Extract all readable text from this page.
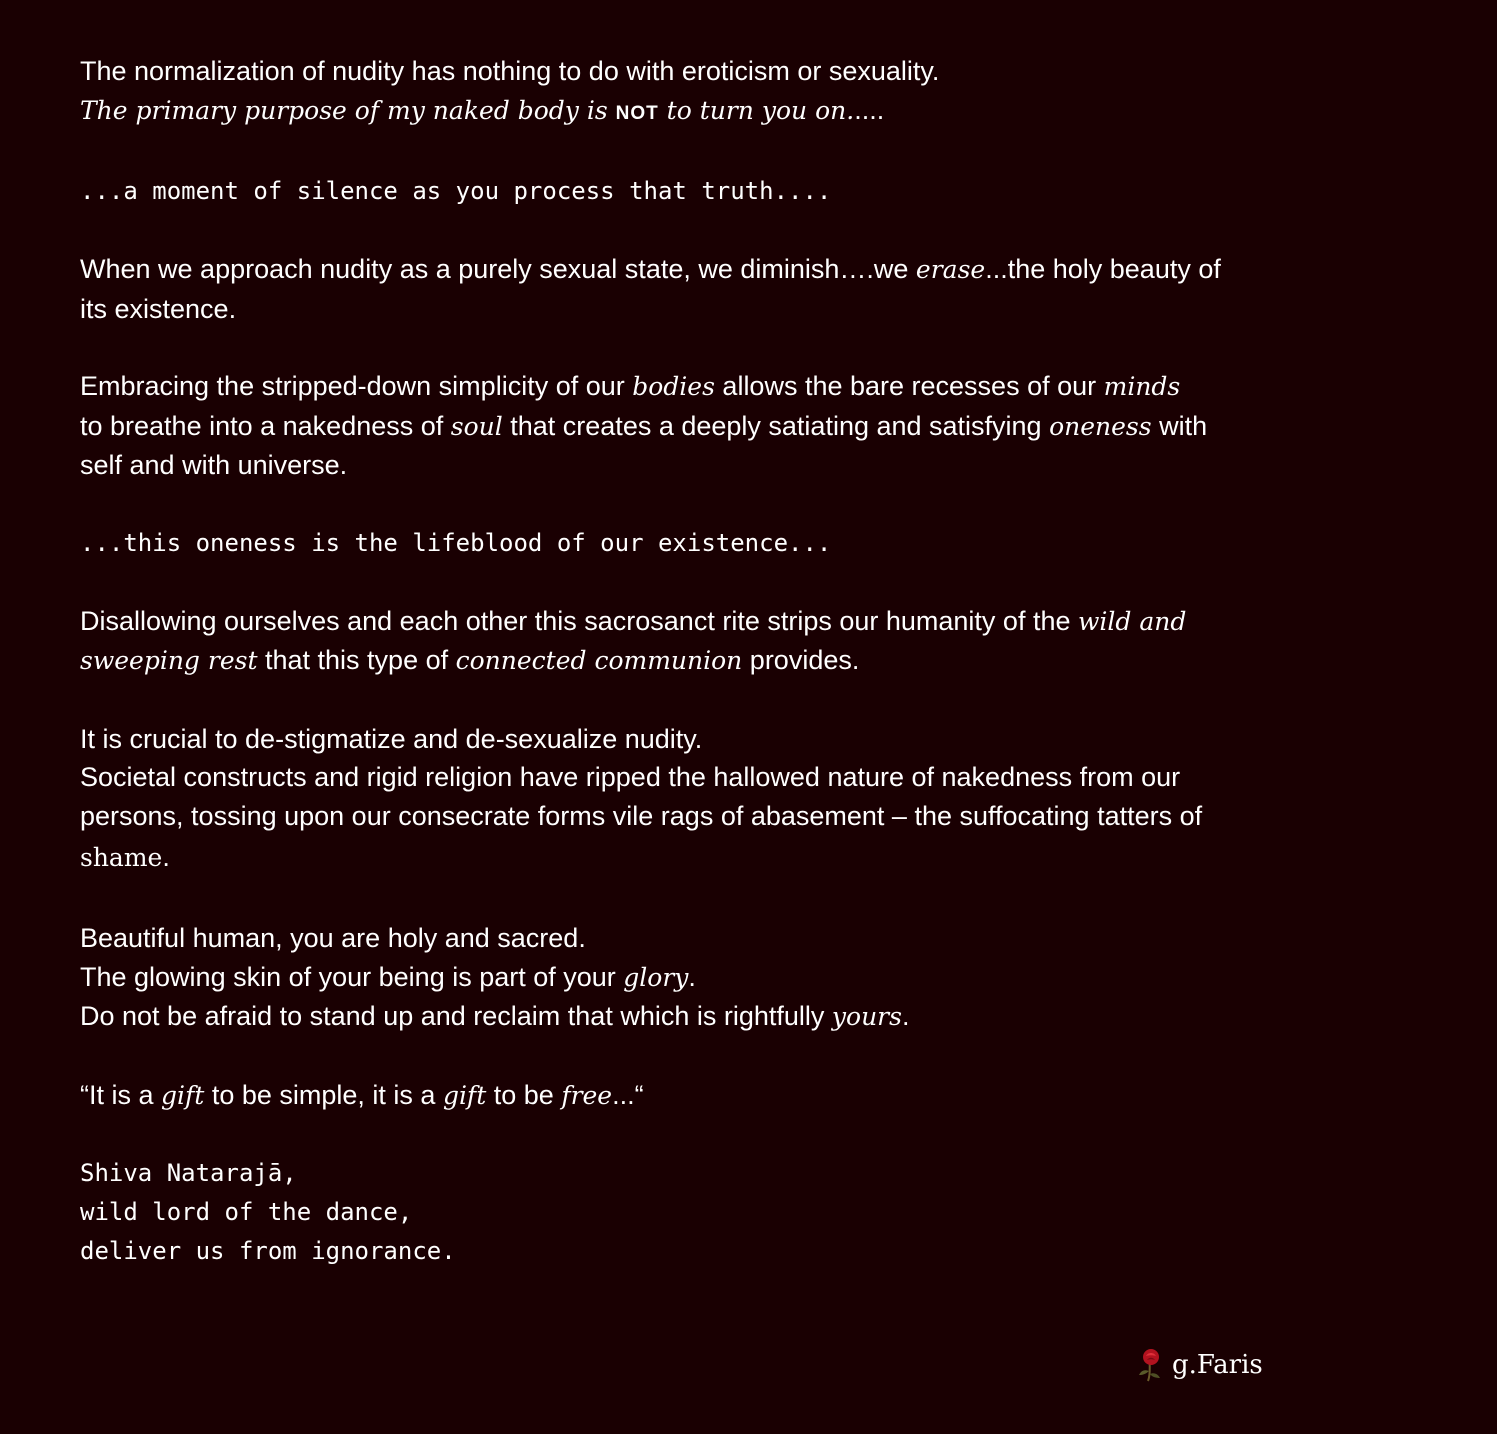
The normalization of nudity has nothing to do with eroticism or sexuality.

The primary purpose of my naked body is NOT to turn you on.....

...a moment of silence as you process that truth....

When we approach nudity as a purely sexual state, we diminish….we erase...the holy beauty of

its existence.

Embracing the stripped-down simplicity of our bodies allows the bare recesses of our minds

to breathe into a nakedness of soul that creates a deeply satiating and satisfying oneness with

self and with universe.

...this oneness is the lifeblood of our existence...

Disallowing ourselves and each other this sacrosanct rite strips our humanity of the wild and

sweeping rest that this type of connected communion provides.

It is crucial to de-stigmatize and de-sexualize nudity.

Societal constructs and rigid religion have ripped the hallowed nature of nakedness from our

persons, tossing upon our consecrate forms vile rags of abasement – the suffocating tatters of

shame.

Beautiful human, you are holy and sacred.

The glowing skin of your being is part of your glory.

Do not be afraid to stand up and reclaim that which is rightfully yours.

“It is a gift to be simple, it is a gift to be free...“

Shiva Natarajā,

wild lord of the dance,

deliver us from ignorance.

g.Faris
